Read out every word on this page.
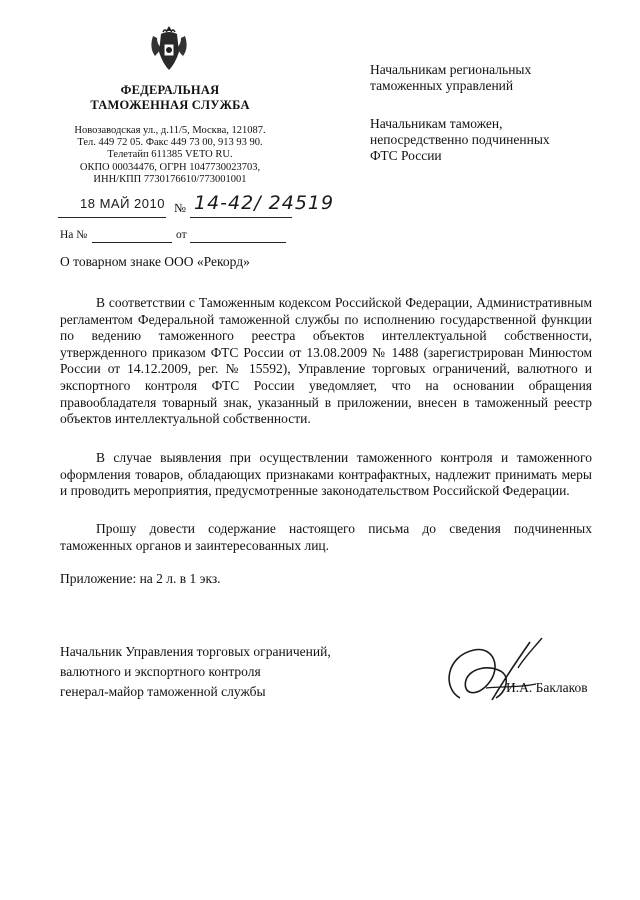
ФЕДЕРАЛЬНАЯ
ТАМОЖЕННАЯ СЛУЖБА
Новозаводская ул., д.11/5, Москва, 121087.
Тел. 449 72 05. Факс 449 73 00, 913 93 90.
Телетайп 611385 VETO RU.
ОКПО 00034476, ОГРН 1047730023703,
ИНН/КПП 7730176610/773001001
18 МАЙ 2010 № 14-42/ 24519
На №	от
Начальникам региональных
таможенных управлений
Начальникам таможен,
непосредственно подчиненных
ФТС России
О товарном знаке ООО «Рекорд»
В соответствии с Таможенным кодексом Российской Федерации, Административным регламентом Федеральной таможенной службы по исполнению государственной функции по ведению таможенного реестра объектов интеллектуальной собственности, утвержденного приказом ФТС России от 13.08.2009 № 1488 (зарегистрирован Минюстом России от 14.12.2009, рег. № 15592), Управление торговых ограничений, валютного и экспортного контроля ФТС России уведомляет, что на основании обращения правообладателя товарный знак, указанный в приложении, внесен в таможенный реестр объектов интеллектуальной собственности.
В случае выявления при осуществлении таможенного контроля и таможенного оформления товаров, обладающих признаками контрафактных, надлежит принимать меры и проводить мероприятия, предусмотренные законодательством Российской Федерации.
Прошу довести содержание настоящего письма до сведения подчиненных таможенных органов и заинтересованных лиц.
Приложение: на 2 л. в 1 экз.
Начальник Управления торговых ограничений,
валютного и экспортного контроля
генерал-майор таможенной службы	И.А. Баклаков
